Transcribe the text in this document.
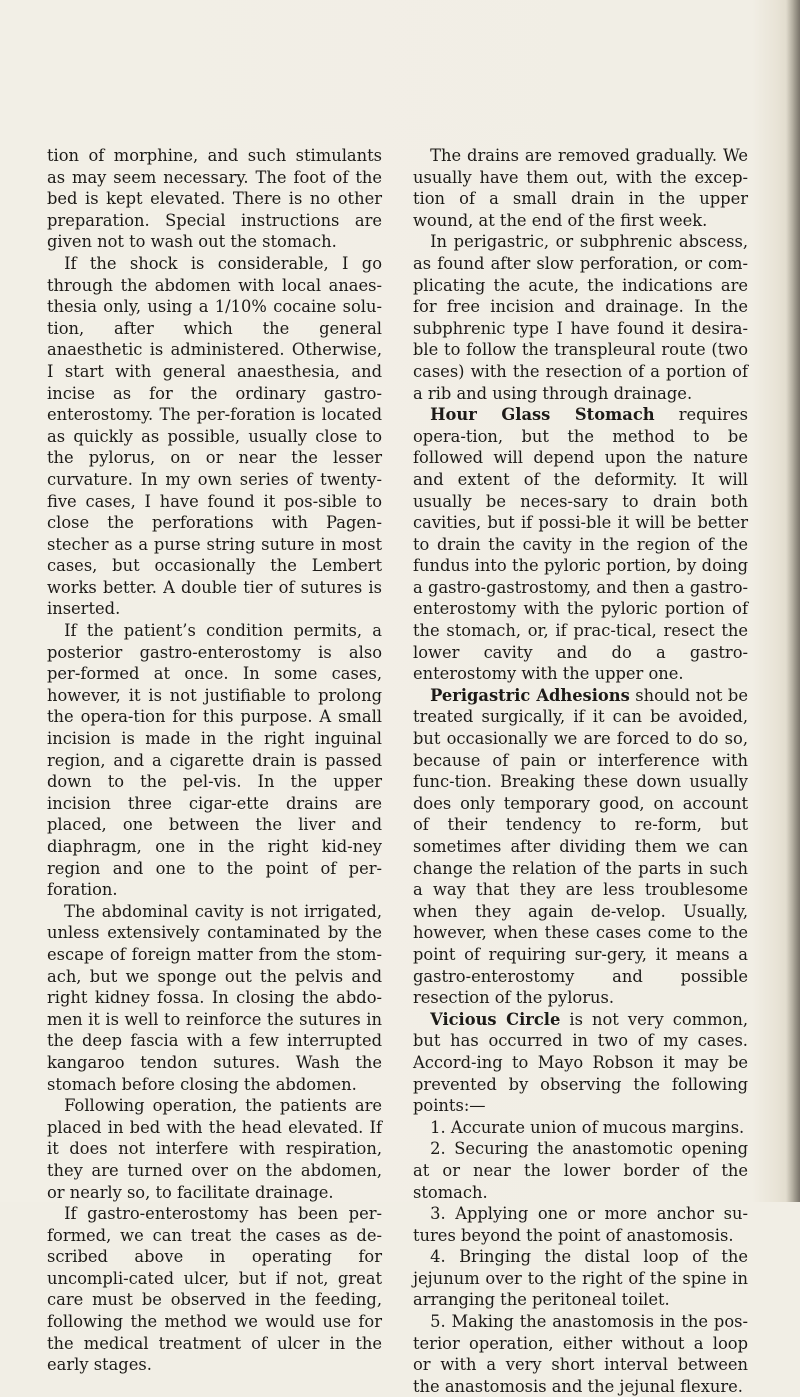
tion of morphine, and such stimulants as may seem necessary. The foot of the bed is kept elevated. There is no other preparation. Special instructions are given not to wash out the stomach.

If the shock is considerable, I go through the abdomen with local anaes-thesia only, using a 1/10% cocaine solu-tion, after which the general anaesthetic is administered. Otherwise, I start with general anaesthesia, and incise as for the ordinary gastro-enterostomy. The per-foration is located as quickly as possible, usually close to the pylorus, on or near the lesser curvature. In my own series of twenty-five cases, I have found it pos-sible to close the perforations with Pagen-stecher as a purse string suture in most cases, but occasionally the Lembert works better. A double tier of sutures is inserted.

If the patient’s condition permits, a posterior gastro-enterostomy is also per-formed at once. In some cases, however, it is not justifiable to prolong the opera-tion for this purpose. A small incision is made in the right inguinal region, and a cigarette drain is passed down to the pel-vis. In the upper incision three cigar-ette drains are placed, one between the liver and diaphragm, one in the right kid-ney region and one to the point of per-foration.

The abdominal cavity is not irrigated, unless extensively contaminated by the escape of foreign matter from the stom-ach, but we sponge out the pelvis and right kidney fossa. In closing the abdo-men it is well to reinforce the sutures in the deep fascia with a few interrupted kangaroo tendon sutures. Wash the stomach before closing the abdomen.

Following operation, the patients are placed in bed with the head elevated. If it does not interfere with respiration, they are turned over on the abdomen, or nearly so, to facilitate drainage.

If gastro-enterostomy has been per-formed, we can treat the cases as de-scribed above in operating for uncompli-cated ulcer, but if not, great care must be observed in the feeding, following the method we would use for the medical treatment of ulcer in the early stages.

The drains are removed gradually. We usually have them out, with the excep-tion of a small drain in the upper wound, at the end of the first week.

In perigastric, or subphrenic abscess, as found after slow perforation, or com-plicating the acute, the indications are for free incision and drainage. In the subphrenic type I have found it desira-ble to follow the transpleural route (two cases) with the resection of a portion of a rib and using through drainage.

Hour Glass Stomach requires opera-tion, but the method to be followed will depend upon the nature and extent of the deformity. It will usually be neces-sary to drain both cavities, but if possi-ble it will be better to drain the cavity in the region of the fundus into the pyloric portion, by doing a gastro-gastrostomy, and then a gastro-enterostomy with the pyloric portion of the stomach, or, if prac-tical, resect the lower cavity and do a gastro-enterostomy with the upper one.

Perigastric Adhesions should not be treated surgically, if it can be avoided, but occasionally we are forced to do so, because of pain or interference with func-tion. Breaking these down usually does only temporary good, on account of their tendency to re-form, but sometimes after dividing them we can change the relation of the parts in such a way that they are less troublesome when they again de-velop. Usually, however, when these cases come to the point of requiring sur-gery, it means a gastro-enterostomy and possible resection of the pylorus.

Vicious Circle is not very common, but has occurred in two of my cases. Accord-ing to Mayo Robson it may be prevented by observing the following points:—

1. Accurate union of mucous margins.

2. Securing the anastomotic opening at or near the lower border of the stomach.

3. Applying one or more anchor su-tures beyond the point of anastomosis.

4. Bringing the distal loop of the jejunum over to the right of the spine in arranging the peritoneal toilet.

5. Making the anastomosis in the pos-terior operation, either without a loop or with a very short interval between the anastomosis and the jejunal flexure.
